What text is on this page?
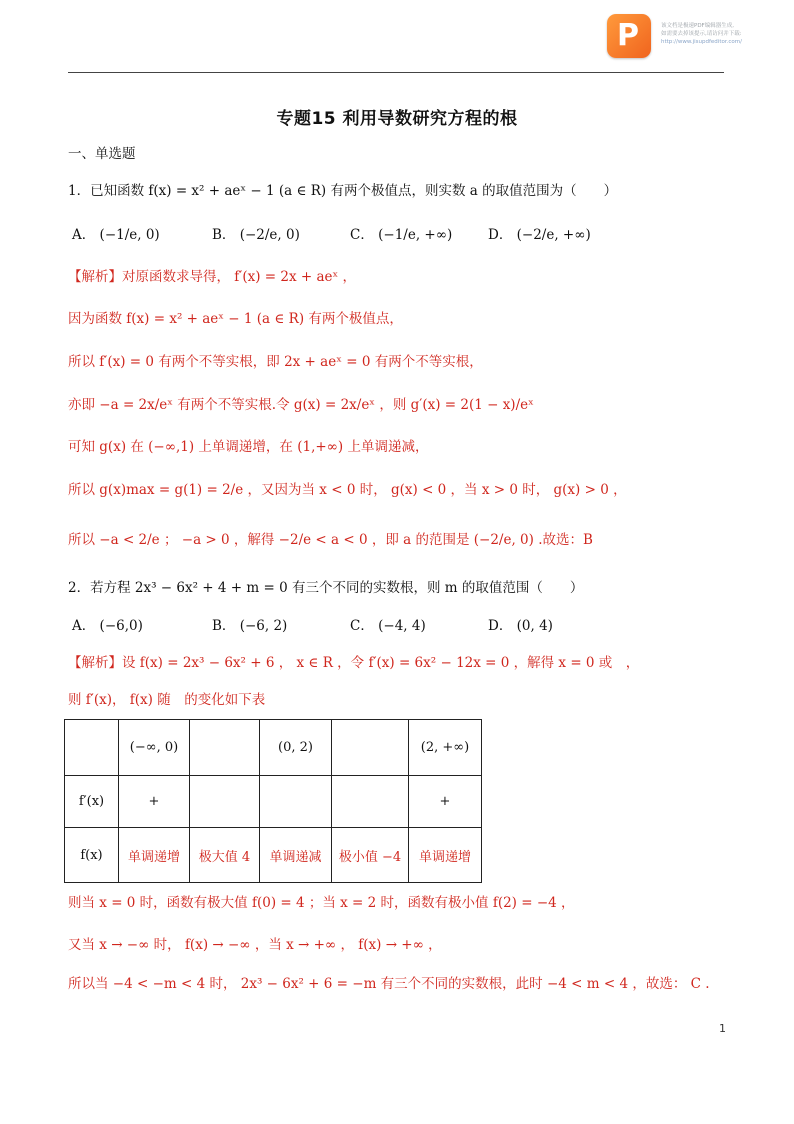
P	该文档是极速PDF编辑器生成,
如需要去掉该提示,请访问并下载:
http://www.jisupdfeditor.com/
专题15 利用导数研究方程的根
一、单选题
1．已知函数 f(x) = x² + aeˣ − 1 (a ∈ R) 有两个极值点，则实数 a 的取值范围为（　　）
A． (−1/e, 0)	B． (−2/e, 0)	C． (−1/e, +∞)	D． (−2/e, +∞)
【解析】对原函数求导得， f′(x) = 2x + aeˣ ，
因为函数 f(x) = x² + aeˣ − 1 (a ∈ R) 有两个极值点，
所以 f′(x) = 0 有两个不等实根，即 2x + aeˣ = 0 有两个不等实根，
亦即 −a = 2x/eˣ 有两个不等实根.令 g(x) = 2x/eˣ ，则 g′(x) = 2(1 − x)/eˣ
可知 g(x) 在 (−∞,1) 上单调递增，在 (1,+∞) 上单调递减，
所以 g(x)max = g(1) = 2/e ，又因为当 x < 0 时， g(x) < 0 ，当 x > 0 时， g(x) > 0 ，
所以 −a < 2/e ； −a > 0 ，解得 −2/e < a < 0 ，即 a 的范围是 (−2/e, 0) .故选：B
2．若方程 2x³ − 6x² + 4 + m = 0 有三个不同的实数根，则 m 的取值范围（　　）
A． (−6,0)	B． (−6, 2)	C． (−4, 4)	D． (0, 4)
【解析】设 f(x) = 2x³ − 6x² + 6 ， x ∈ R ，令 f′(x) = 6x² − 12x = 0 ，解得 x = 0 或　，
则 f′(x)， f(x) 随　的变化如下表
	(−∞, 0)		(0, 2)		(2, +∞)
f′(x)	+				+
f(x)	单调递增	极大值 4	单调递减	极小值 −4	单调递增
则当 x = 0 时，函数有极大值 f(0) = 4 ；当 x = 2 时，函数有极小值 f(2) = −4 ，
又当 x → −∞ 时， f(x) → −∞ ，当 x → +∞ ， f(x) → +∞ ，
所以当 −4 < −m < 4 时， 2x³ − 6x² + 6 = −m 有三个不同的实数根，此时 −4 < m < 4 ，故选： C .
1
